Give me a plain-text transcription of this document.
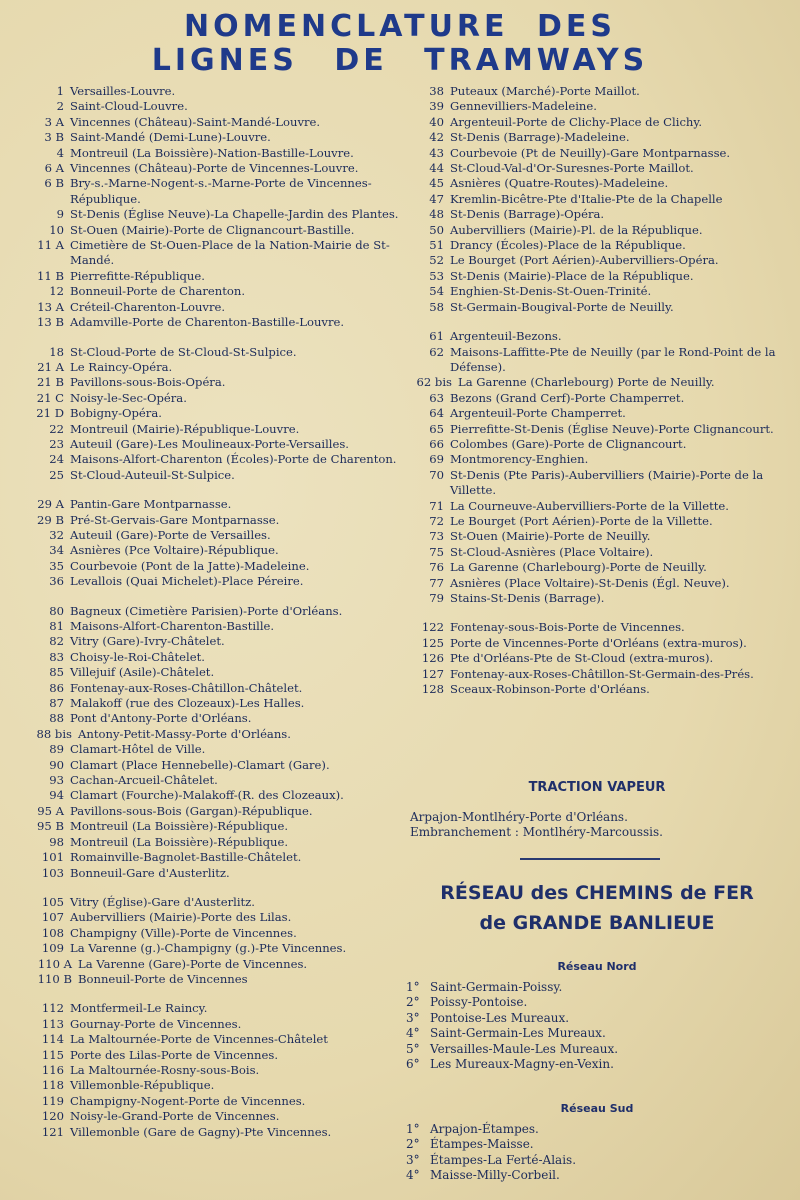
NOMENCLATURE DES
LIGNES DE TRAMWAYS
1 Versailles-Louvre.
2 Saint-Cloud-Louvre.
3 A Vincennes (Château)-Saint-Mandé-Louvre.
3 B Saint-Mandé (Demi-Lune)-Louvre.
4 Montreuil (La Boissière)-Nation-Bastille-Louvre.
6 A Vincennes (Château)-Porte de Vincennes-Louvre.
6 B Bry-s.-Marne-Nogent-s.-Marne-Porte de Vincennes-République.
9 St-Denis (Église Neuve)-La Chapelle-Jardin des Plantes.
10 St-Ouen (Mairie)-Porte de Clignancourt-Bastille.
11 A Cimetière de St-Ouen-Place de la Nation-Mairie de St-Mandé.
11 B Pierrefitte-République.
12 Bonneuil-Porte de Charenton.
13 A Créteil-Charenton-Louvre.
13 B Adamville-Porte de Charenton-Bastille-Louvre.
18 St-Cloud-Porte de St-Cloud-St-Sulpice.
21 A Le Raincy-Opéra.
21 B Pavillons-sous-Bois-Opéra.
21 C Noisy-le-Sec-Opéra.
21 D Bobigny-Opéra.
22 Montreuil (Mairie)-République-Louvre.
23 Auteuil (Gare)-Les Moulineaux-Porte-Versailles.
24 Maisons-Alfort-Charenton (Écoles)-Porte de Charenton.
25 St-Cloud-Auteuil-St-Sulpice.
29 A Pantin-Gare Montparnasse.
29 B Pré-St-Gervais-Gare Montparnasse.
32 Auteuil (Gare)-Porte de Versailles.
34 Asnières (Pce Voltaire)-République.
35 Courbevoie (Pont de la Jatte)-Madeleine.
36 Levallois (Quai Michelet)-Place Péreire.
80 Bagneux (Cimetière Parisien)-Porte d'Orléans.
81 Maisons-Alfort-Charenton-Bastille.
82 Vitry (Gare)-Ivry-Châtelet.
83 Choisy-le-Roi-Châtelet.
85 Villejuif (Asile)-Châtelet.
86 Fontenay-aux-Roses-Châtillon-Châtelet.
87 Malakoff (rue des Clozeaux)-Les Halles.
88 Pont d'Antony-Porte d'Orléans.
88 bis Antony-Petit-Massy-Porte d'Orléans.
89 Clamart-Hôtel de Ville.
90 Clamart (Place Hennebelle)-Clamart (Gare).
93 Cachan-Arcueil-Châtelet.
94 Clamart (Fourche)-Malakoff-(R. des Clozeaux).
95 A Pavillons-sous-Bois (Gargan)-République.
95 B Montreuil (La Boissière)-République.
98 Montreuil (La Boissière)-République.
101 Romainville-Bagnolet-Bastille-Châtelet.
103 Bonneuil-Gare d'Austerlitz.
105 Vitry (Église)-Gare d'Austerlitz.
107 Aubervilliers (Mairie)-Porte des Lilas.
108 Champigny (Ville)-Porte de Vincennes.
109 La Varenne (g.)-Champigny (g.)-Pte Vincennes.
110 A La Varenne (Gare)-Porte de Vincennes.
110 B Bonneuil-Porte de Vincennes
112 Montfermeil-Le Raincy.
113 Gournay-Porte de Vincennes.
114 La Maltournée-Porte de Vincennes-Châtelet
115 Porte des Lilas-Porte de Vincennes.
116 La Maltournée-Rosny-sous-Bois.
118 Villemonble-République.
119 Champigny-Nogent-Porte de Vincennes.
120 Noisy-le-Grand-Porte de Vincennes.
121 Villemonble (Gare de Gagny)-Pte Vincennes.
38 Puteaux (Marché)-Porte Maillot.
39 Gennevilliers-Madeleine.
40 Argenteuil-Porte de Clichy-Place de Clichy.
42 St-Denis (Barrage)-Madeleine.
43 Courbevoie (Pt de Neuilly)-Gare Montparnasse.
44 St-Cloud-Val-d'Or-Suresnes-Porte Maillot.
45 Asnières (Quatre-Routes)-Madeleine.
47 Kremlin-Bicêtre-Pte d'Italie-Pte de la Chapelle
48 St-Denis (Barrage)-Opéra.
50 Aubervilliers (Mairie)-Pl. de la République.
51 Drancy (Écoles)-Place de la République.
52 Le Bourget (Port Aérien)-Aubervilliers-Opéra.
53 St-Denis (Mairie)-Place de la République.
54 Enghien-St-Denis-St-Ouen-Trinité.
58 St-Germain-Bougival-Porte de Neuilly.
61 Argenteuil-Bezons.
62 Maisons-Laffitte-Pte de Neuilly (par le Rond-Point de la Défense).
62 bis La Garenne (Charlebourg) Porte de Neuilly.
63 Bezons (Grand Cerf)-Porte Champerret.
64 Argenteuil-Porte Champerret.
65 Pierrefitte-St-Denis (Église Neuve)-Porte Clignancourt.
66 Colombes (Gare)-Porte de Clignancourt.
69 Montmorency-Enghien.
70 St-Denis (Pte Paris)-Aubervilliers (Mairie)-Porte de la Villette.
71 La Courneuve-Aubervilliers-Porte de la Villette.
72 Le Bourget (Port Aérien)-Porte de la Villette.
73 St-Ouen (Mairie)-Porte de Neuilly.
75 St-Cloud-Asnières (Place Voltaire).
76 La Garenne (Charlebourg)-Porte de Neuilly.
77 Asnières (Place Voltaire)-St-Denis (Égl. Neuve).
79 Stains-St-Denis (Barrage).
122 Fontenay-sous-Bois-Porte de Vincennes.
125 Porte de Vincennes-Porte d'Orléans (extra-muros).
126 Pte d'Orléans-Pte de St-Cloud (extra-muros).
127 Fontenay-aux-Roses-Châtillon-St-Germain-des-Prés.
128 Sceaux-Robinson-Porte d'Orléans.
TRACTION VAPEUR
Arpajon-Montlhéry-Porte d'Orléans.
Embranchement : Montlhéry-Marcoussis.
RÉSEAU des CHEMINS de FER
de GRANDE BANLIEUE
Réseau Nord
1° Saint-Germain-Poissy.
2° Poissy-Pontoise.
3° Pontoise-Les Mureaux.
4° Saint-Germain-Les Mureaux.
5° Versailles-Maule-Les Mureaux.
6° Les Mureaux-Magny-en-Vexin.
Réseau Sud
1° Arpajon-Étampes.
2° Étampes-Maisse.
3° Étampes-La Ferté-Alais.
4° Maisse-Milly-Corbeil.
